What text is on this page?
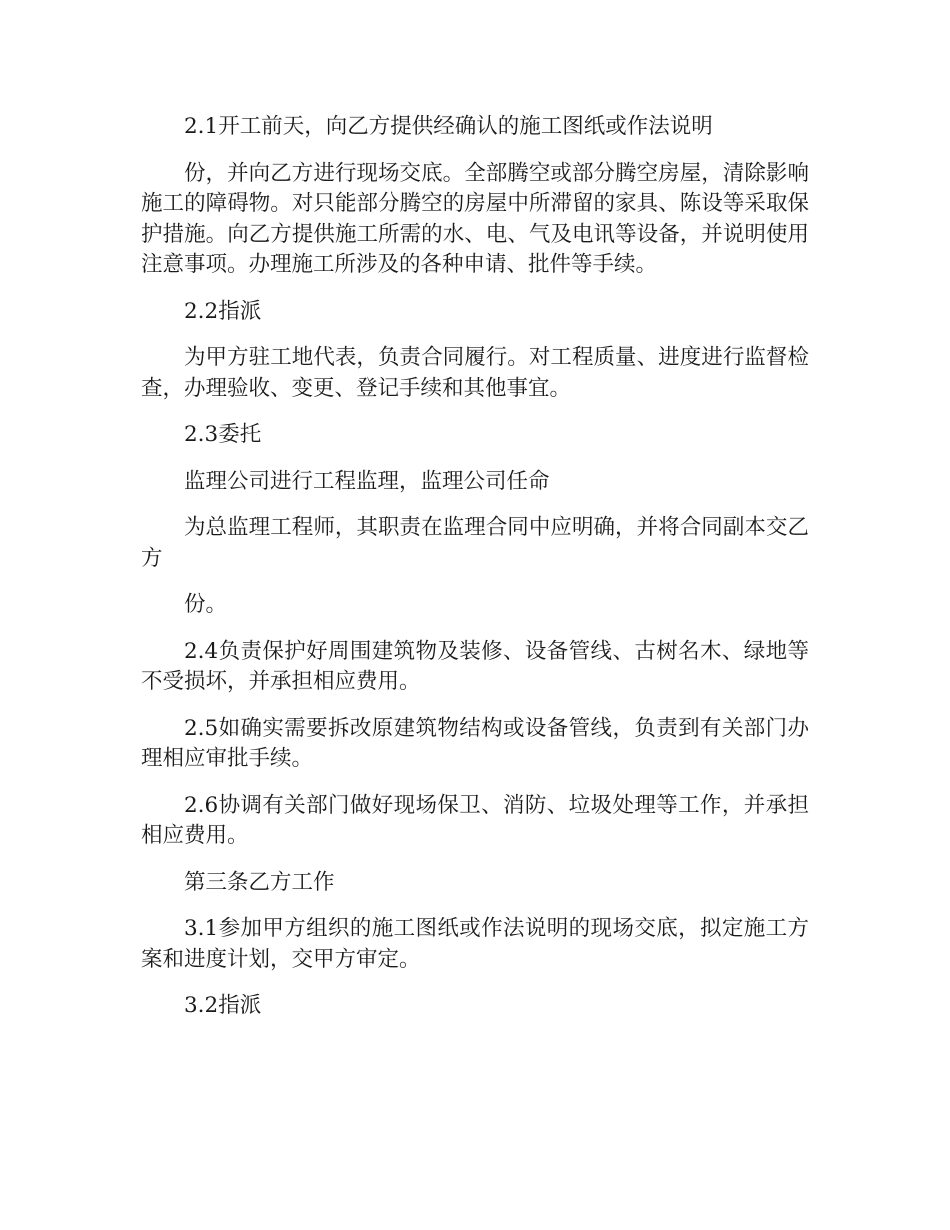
2.1开工前天，向乙方提供经确认的施工图纸或作法说明

份，并向乙方进行现场交底。全部腾空或部分腾空房屋，清除影响施工的障碍物。对只能部分腾空的房屋中所滞留的家具、陈设等采取保护措施。向乙方提供施工所需的水、电、气及电讯等设备，并说明使用注意事项。办理施工所涉及的各种申请、批件等手续。

2.2指派

为甲方驻工地代表，负责合同履行。对工程质量、进度进行监督检查，办理验收、变更、登记手续和其他事宜。

2.3委托

监理公司进行工程监理，监理公司任命

为总监理工程师，其职责在监理合同中应明确，并将合同副本交乙方

份。

2.4负责保护好周围建筑物及装修、设备管线、古树名木、绿地等不受损坏，并承担相应费用。

2.5如确实需要拆改原建筑物结构或设备管线，负责到有关部门办理相应审批手续。

2.6协调有关部门做好现场保卫、消防、垃圾处理等工作，并承担相应费用。

第三条乙方工作

3.1参加甲方组织的施工图纸或作法说明的现场交底，拟定施工方案和进度计划，交甲方审定。

3.2指派
